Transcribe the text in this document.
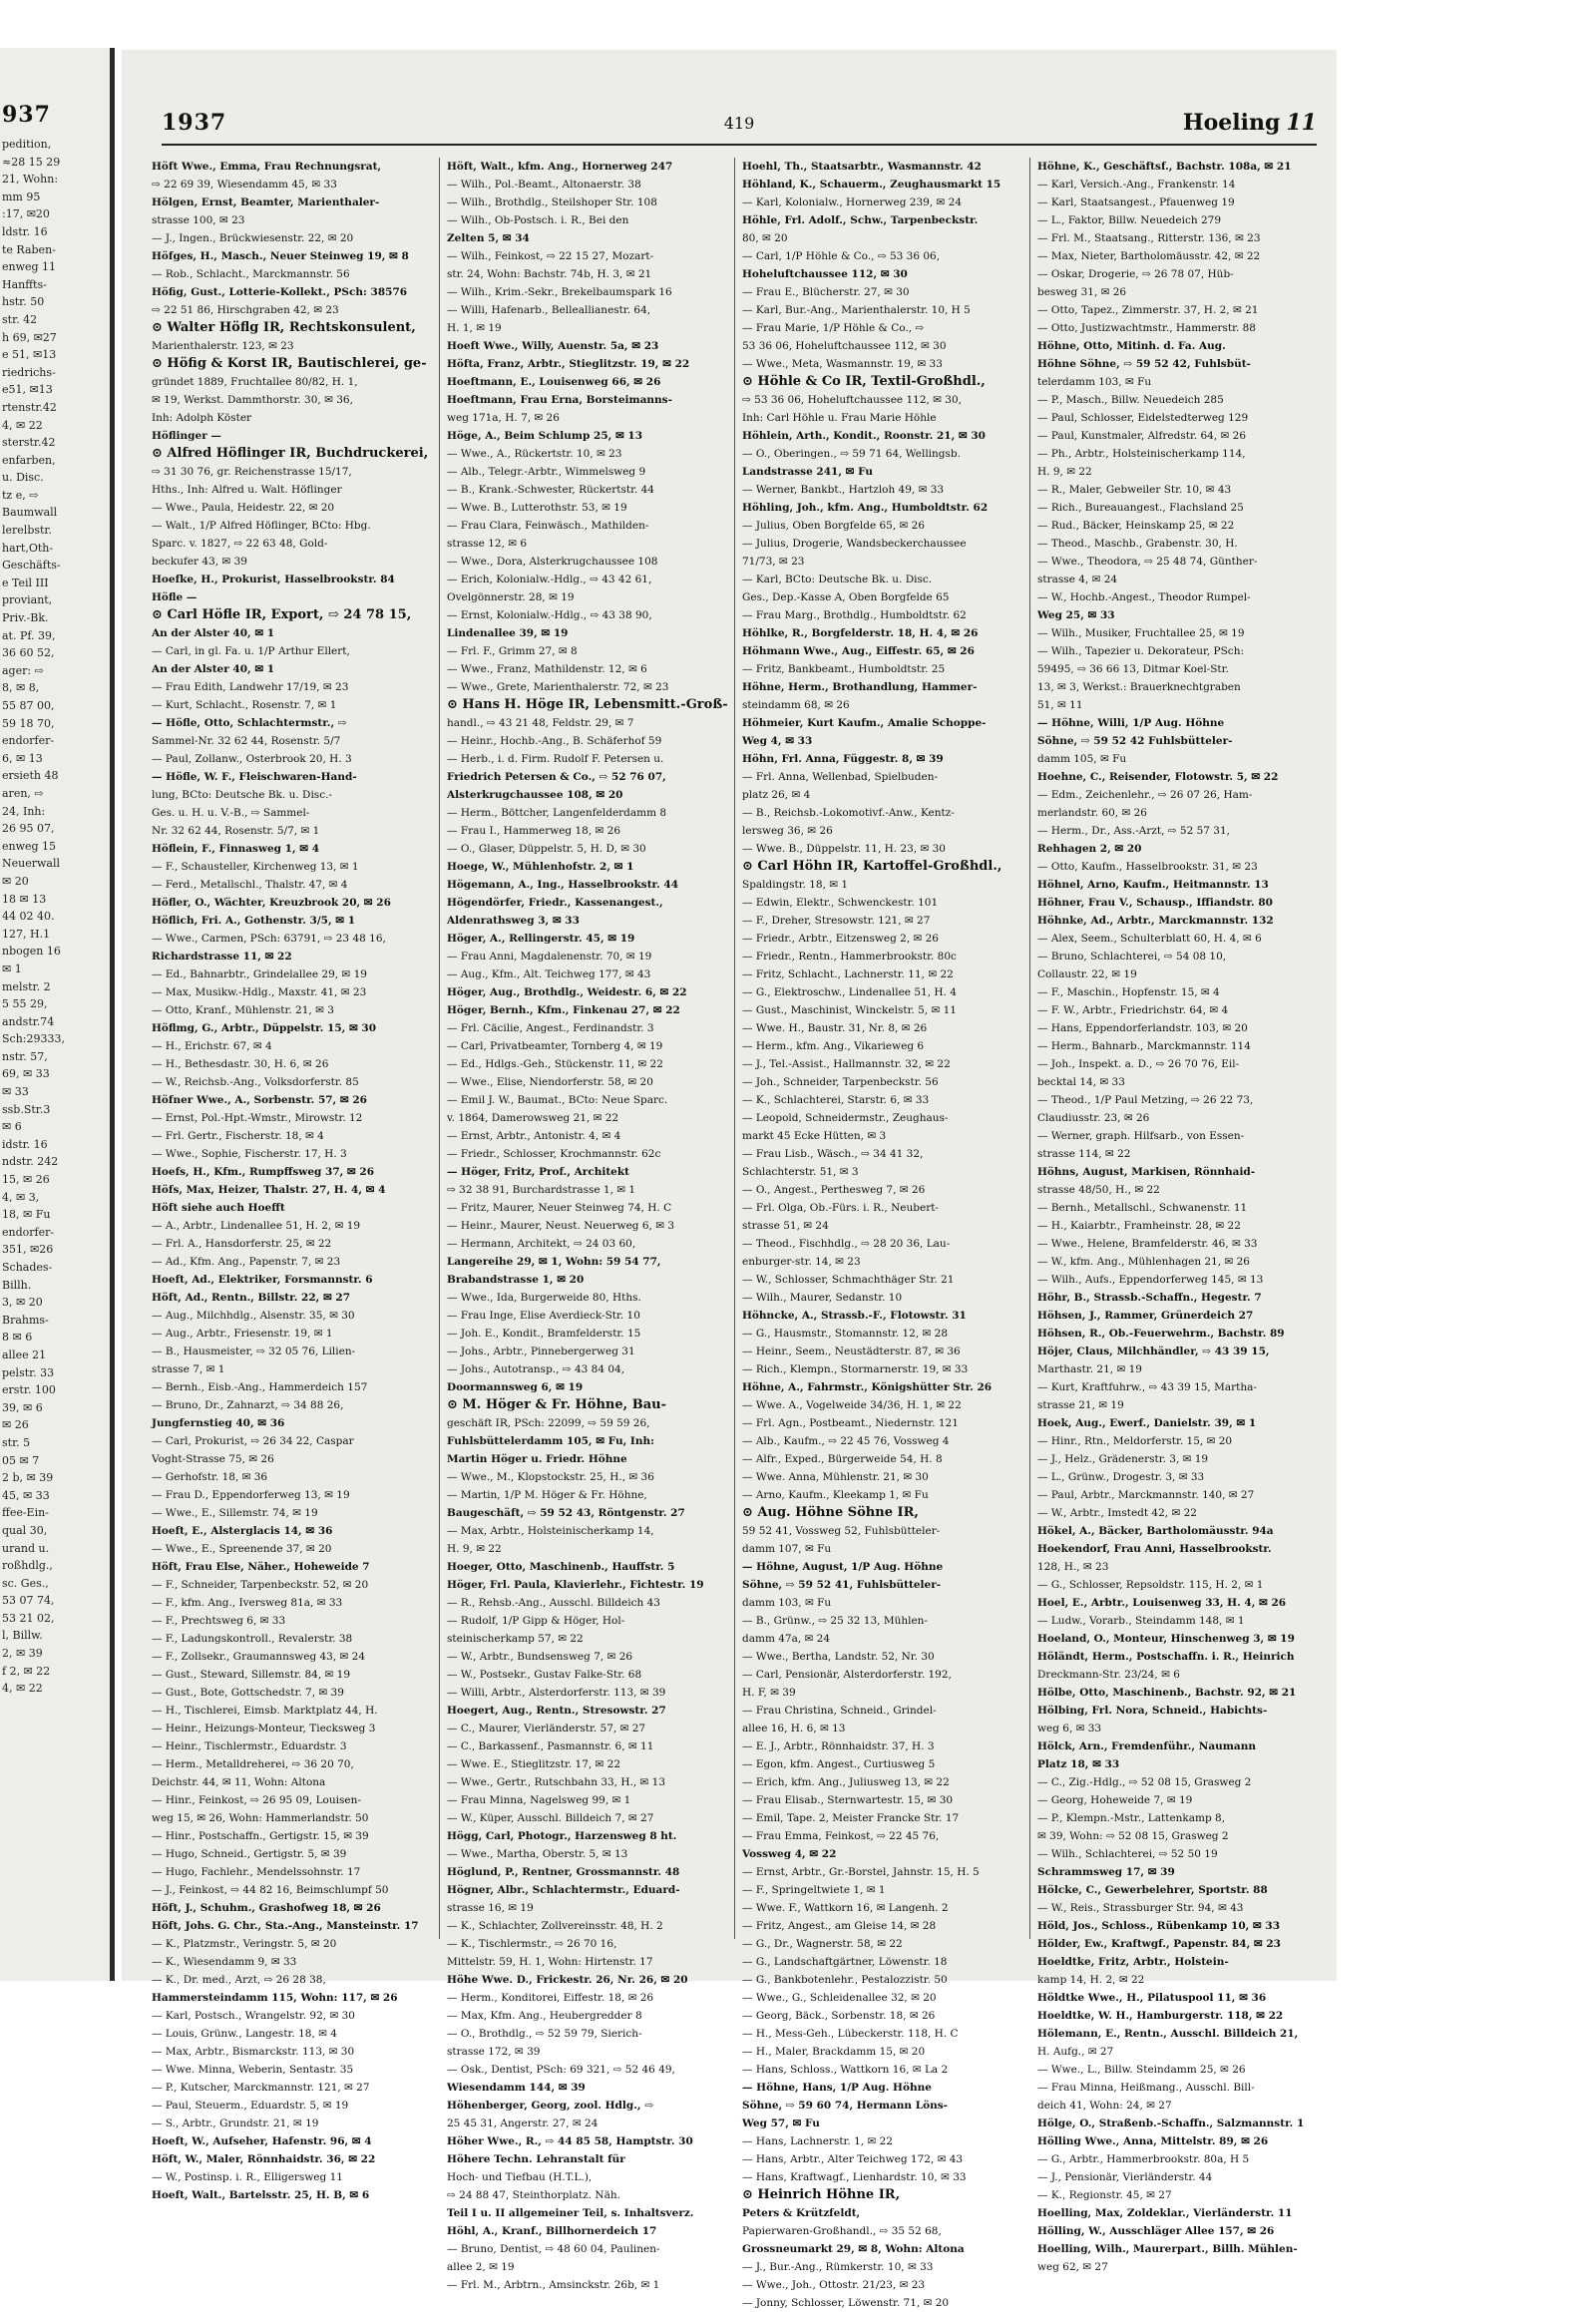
937
pedition,
≈28 15 29
21, Wohn:
mm 95
:17, ✉20
ldstr. 16
te Raben-
enweg 11
Hanffts-
hstr. 50
str. 42
h 69, ✉27
e 51, ✉13
riedrichs-
e51, ✉13
rtenstr.42
4, ✉ 22
sterstr.42
enfarben,
u. Disc.
tz e, ⇨
Baumwall
lerelbstr.
hart,Oth-
Geschäfts-
e Teil III
proviant,
Priv.-Bk.
at. Pf. 39,
36 60 52,
ager: ⇨
8, ✉ 8,
55 87 00,
59 18 70,
endorfer-
6, ✉ 13
ersieth 48
aren, ⇨
24, Inh:
26 95 07,
enweg 15
Neuerwall
✉ 20
18 ✉ 13
44 02 40.
127, H.1
nbogen 16
✉ 1
melstr. 2
5 55 29,
andstr.74
Sch:29333,
nstr. 57,
69, ✉ 33
✉ 33
ssb.Str.3
✉ 6
idstr. 16
ndstr. 242
15, ✉ 26
4, ✉ 3,
18, ✉ Fu
endorfer-
351, ✉26
Schades-
Billh.
3, ✉ 20
Brahms-
8 ✉ 6
allee 21
pelstr. 33
erstr. 100
39, ✉ 6
✉ 26
str. 5
05 ✉ 7
2 b, ✉ 39
45, ✉ 33
ffee-Ein-
qual 30,
urand u.
roßhdlg.,
sc. Ges.,
53 07 74,
53 21 02,
l, Billw.
2, ✉ 39
f 2, ✉ 22
4, ✉ 22
1937	419	Hoeling 11
Höft Wwe., Emma, Frau Rechnungsrat,
⇨ 22 69 39, Wiesendamm 45, ✉ 33
Hölgen, Ernst, Beamter, Marienthaler-
strasse 100, ✉ 23
— J., Ingen., Brückwiesenstr. 22, ✉ 20
Höfges, H., Masch., Neuer Steinweg 19, ✉ 8
— Rob., Schlacht., Marckmannstr. 56
Höfig, Gust., Lotterie-Kollekt., PSch: 38576
⇨ 22 51 86, Hirschgraben 42, ✉ 23
⊙ Walter Höflg IR, Rechtskonsulent,
Marienthalerstr. 123, ✉ 23
⊙ Höfig & Korst IR, Bautischlerei, ge-
gründet 1889, Fruchtallee 80/82, H. 1,
✉ 19, Werkst. Dammthorstr. 30, ✉ 36,
Inh: Adolph Köster
Höflinger —
⊙ Alfred Höflinger IR, Buchdruckerei,
⇨ 31 30 76, gr. Reichenstrasse 15/17,
Hths., Inh: Alfred u. Walt. Höflinger
— Wwe., Paula, Heidestr. 22, ✉ 20
— Walt., 1/P Alfred Höflinger, BCto: Hbg.
Sparc. v. 1827, ⇨ 22 63 48, Gold-
beckufer 43, ✉ 39
Hoefke, H., Prokurist, Hasselbrookstr. 84
Höfle —
⊙ Carl Höfle IR, Export, ⇨ 24 78 15,
An der Alster 40, ✉ 1
— Carl, in gl. Fa. u. 1/P Arthur Ellert,
An der Alster 40, ✉ 1
— Frau Edith, Landwehr 17/19, ✉ 23
— Kurt, Schlacht., Rosenstr. 7, ✉ 1
— Höfle, Otto, Schlachtermstr., ⇨
Sammel-Nr. 32 62 44, Rosenstr. 5/7
— Paul, Zollanw., Osterbrook 20, H. 3
— Höfle, W. F., Fleischwaren-Hand-
lung, BCto: Deutsche Bk. u. Disc.-
Ges. u. H. u. V.-B., ⇨ Sammel-
Nr. 32 62 44, Rosenstr. 5/7, ✉ 1
Höflein, F., Finnasweg 1, ✉ 4
— F., Schausteller, Kirchenweg 13, ✉ 1
— Ferd., Metallschl., Thalstr. 47, ✉ 4
Höfler, O., Wächter, Kreuzbrook 20, ✉ 26
Höflich, Fri. A., Gothenstr. 3/5, ✉ 1
— Wwe., Carmen, PSch: 63791, ⇨ 23 48 16,
Richardstrasse 11, ✉ 22
— Ed., Bahnarbtr., Grindelallee 29, ✉ 19
— Max, Musikw.-Hdlg., Maxstr. 41, ✉ 23
— Otto, Kranf., Mühlenstr. 21, ✉ 3
Höflmg, G., Arbtr., Düppelstr. 15, ✉ 30
— H., Erichstr. 67, ✉ 4
— H., Bethesdastr. 30, H. 6, ✉ 26
— W., Reichsb.-Ang., Volksdorferstr. 85
Höfner Wwe., A., Sorbenstr. 57, ✉ 26
— Ernst, Pol.-Hpt.-Wmstr., Mirowstr. 12
— Frl. Gertr., Fischerstr. 18, ✉ 4
— Wwe., Sophie, Fischerstr. 17, H. 3
Hoefs, H., Kfm., Rumpffsweg 37, ✉ 26
Höfs, Max, Heizer, Thalstr. 27, H. 4, ✉ 4
Höft siehe auch Hoefft
— A., Arbtr., Lindenallee 51, H. 2, ✉ 19
— Frl. A., Hansdorferstr. 25, ✉ 22
— Ad., Kfm. Ang., Papenstr. 7, ✉ 23
Hoeft, Ad., Elektriker, Forsmannstr. 6
Höft, Ad., Rentn., Billstr. 22, ✉ 27
— Aug., Milchhdlg., Alsenstr. 35, ✉ 30
— Aug., Arbtr., Friesenstr. 19, ✉ 1
— B., Hausmeister, ⇨ 32 05 76, Lilien-
strasse 7, ✉ 1
— Bernh., Eisb.-Ang., Hammerdeich 157
— Bruno, Dr., Zahnarzt, ⇨ 34 88 26,
Jungfernstieg 40, ✉ 36
— Carl, Prokurist, ⇨ 26 34 22, Caspar
Voght-Strasse 75, ✉ 26
— Gerhofstr. 18, ✉ 36
— Frau D., Eppendorferweg 13, ✉ 19
— Wwe., E., Sillemstr. 74, ✉ 19
Hoeft, E., Alsterglacis 14, ✉ 36
— Wwe., E., Spreenende 37, ✉ 20
Höft, Frau Else, Näher., Hoheweide 7
— F., Schneider, Tarpenbeckstr. 52, ✉ 20
— F., kfm. Ang., Iversweg 81a, ✉ 33
— F., Prechtsweg 6, ✉ 33
— F., Ladungskontroll., Revalerstr. 38
— F., Zollsekr., Graumannsweg 43, ✉ 24
— Gust., Steward, Sillemstr. 84, ✉ 19
— Gust., Bote, Gottschedstr. 7, ✉ 39
— H., Tischlerei, Eimsb. Marktplatz 44, H.
— Heinr., Heizungs-Monteur, Tiecksweg 3
— Heinr., Tischlermstr., Eduardstr. 3
— Herm., Metalldreherei, ⇨ 36 20 70,
Deichstr. 44, ✉ 11, Wohn: Altona
— Hinr., Feinkost, ⇨ 26 95 09, Louisen-
weg 15, ✉ 26, Wohn: Hammerlandstr. 50
— Hinr., Postschaffn., Gertigstr. 15, ✉ 39
— Hugo, Schneid., Gertigstr. 5, ✉ 39
— Hugo, Fachlehr., Mendelssohnstr. 17
— J., Feinkost, ⇨ 44 82 16, Beimschlumpf 50
Höft, J., Schuhm., Grashofweg 18, ✉ 26
Höft, Johs. G. Chr., Sta.-Ang., Mansteinstr. 17
— K., Platzmstr., Veringstr. 5, ✉ 20
— K., Wiesendamm 9, ✉ 33
— K., Dr. med., Arzt, ⇨ 26 28 38,
Hammersteindamm 115, Wohn: 117, ✉ 26
— Karl, Postsch., Wrangelstr. 92, ✉ 30
— Louis, Grünw., Langestr. 18, ✉ 4
— Max, Arbtr., Bismarckstr. 113, ✉ 30
— Wwe. Minna, Weberin, Sentastr. 35
— P., Kutscher, Marckmannstr. 121, ✉ 27
— Paul, Steuerm., Eduardstr. 5, ✉ 19
— S., Arbtr., Grundstr. 21, ✉ 19
Hoeft, W., Aufseher, Hafenstr. 96, ✉ 4
Höft, W., Maler, Rönnhaidstr. 36, ✉ 22
— W., Postinsp. i. R., Elligersweg 11
Hoeft, Walt., Bartelsstr. 25, H. B, ✉ 6
Höft, Walt., kfm. Ang., Hornerweg 247
— Wilh., Pol.-Beamt., Altonaerstr. 38
— Wilh., Brothdlg., Steilshoper Str. 108
— Wilh., Ob-Postsch. i. R., Bei den
Zelten 5, ✉ 34
— Wilh., Feinkost, ⇨ 22 15 27, Mozart-
str. 24, Wohn: Bachstr. 74b, H. 3, ✉ 21
— Wilh., Krim.-Sekr., Brekelbaumspark 16
— Willi, Hafenarb., Belleallianestr. 64,
H. 1, ✉ 19
Hoeft Wwe., Willy, Auenstr. 5a, ✉ 23
Höfta, Franz, Arbtr., Stieglitzstr. 19, ✉ 22
Hoeftmann, E., Louisenweg 66, ✉ 26
Hoeftmann, Frau Erna, Borsteimanns-
weg 171a, H. 7, ✉ 26
Höge, A., Beim Schlump 25, ✉ 13
— Wwe., A., Rückertstr. 10, ✉ 23
— Alb., Telegr.-Arbtr., Wimmelsweg 9
— B., Krank.-Schwester, Rückertstr. 44
— Wwe. B., Lutterothstr. 53, ✉ 19
— Frau Clara, Feinwäsch., Mathilden-
strasse 12, ✉ 6
— Wwe., Dora, Alsterkrugchaussee 108
— Erich, Kolonialw.-Hdlg., ⇨ 43 42 61,
Ovelgönnerstr. 28, ✉ 19
— Ernst, Kolonialw.-Hdlg., ⇨ 43 38 90,
Lindenallee 39, ✉ 19
— Frl. F., Grimm 27, ✉ 8
— Wwe., Franz, Mathildenstr. 12, ✉ 6
— Wwe., Grete, Marienthalerstr. 72, ✉ 23
⊙ Hans H. Höge IR, Lebensmitt.-Groß-
handl., ⇨ 43 21 48, Feldstr. 29, ✉ 7
— Heinr., Hochb.-Ang., B. Schäferhof 59
— Herb., i. d. Firm. Rudolf F. Petersen u.
Friedrich Petersen & Co., ⇨ 52 76 07,
Alsterkrugchaussee 108, ✉ 20
— Herm., Böttcher, Langenfelderdamm 8
— Frau I., Hammerweg 18, ✉ 26
— O., Glaser, Düppelstr. 5, H. D, ✉ 30
Hoege, W., Mühlenhofstr. 2, ✉ 1
Högemann, A., Ing., Hasselbrookstr. 44
Högendörfer, Friedr., Kassenangest.,
Aldenrathsweg 3, ✉ 33
Höger, A., Rellingerstr. 45, ✉ 19
— Frau Anni, Magdalenenstr. 70, ✉ 19
— Aug., Kfm., Alt. Teichweg 177, ✉ 43
Höger, Aug., Brothdlg., Weidestr. 6, ✉ 22
Höger, Bernh., Kfm., Finkenau 27, ✉ 22
— Frl. Cäcilie, Angest., Ferdinandstr. 3
— Carl, Privatbeamter, Tornberg 4, ✉ 19
— Ed., Hdlgs.-Geh., Stückenstr. 11, ✉ 22
— Wwe., Elise, Niendorferstr. 58, ✉ 20
— Emil J. W., Baumat., BCto: Neue Sparc.
v. 1864, Damerowsweg 21, ✉ 22
— Ernst, Arbtr., Antonistr. 4, ✉ 4
— Friedr., Schlosser, Krochmannstr. 62c
— Höger, Fritz, Prof., Architekt
⇨ 32 38 91, Burchardstrasse 1, ✉ 1
— Fritz, Maurer, Neuer Steinweg 74, H. C
— Heinr., Maurer, Neust. Neuerweg 6, ✉ 3
— Hermann, Architekt, ⇨ 24 03 60,
Langereihe 29, ✉ 1, Wohn: 59 54 77,
Brabandstrasse 1, ✉ 20
— Wwe., Ida, Burgerweide 80, Hths.
— Frau Inge, Elise Averdieck-Str. 10
— Joh. E., Kondit., Bramfelderstr. 15
— Johs., Arbtr., Pinnebergerweg 31
— Johs., Autotransp., ⇨ 43 84 04,
Doormannsweg 6, ✉ 19
⊙ M. Höger & Fr. Höhne, Bau-
geschäft IR, PSch: 22099, ⇨ 59 59 26,
Fuhlsbüttelerdamm 105, ✉ Fu, Inh:
Martin Höger u. Friedr. Höhne
— Wwe., M., Klopstockstr. 25, H., ✉ 36
— Martin, 1/P M. Höger & Fr. Höhne,
Baugeschäft, ⇨ 59 52 43, Röntgenstr. 27
— Max, Arbtr., Holsteinischerkamp 14,
H. 9, ✉ 22
Hoeger, Otto, Maschinenb., Hauffstr. 5
Höger, Frl. Paula, Klavierlehr., Fichtestr. 19
— R., Rehsb.-Ang., Ausschl. Billdeich 43
— Rudolf, 1/P Gipp & Höger, Hol-
steinischerkamp 57, ✉ 22
— W., Arbtr., Bundsensweg 7, ✉ 26
— W., Postsekr., Gustav Falke-Str. 68
— Willi, Arbtr., Alsterdorferstr. 113, ✉ 39
Hoegert, Aug., Rentn., Stresowstr. 27
— C., Maurer, Vierländerstr. 57, ✉ 27
— C., Barkassenf., Pasmannstr. 6, ✉ 11
— Wwe. E., Stieglitzstr. 17, ✉ 22
— Wwe., Gertr., Rutschbahn 33, H., ✉ 13
— Frau Minna, Nagelsweg 99, ✉ 1
— W., Küper, Ausschl. Billdeich 7, ✉ 27
Högg, Carl, Photogr., Harzensweg 8 ht.
— Wwe., Martha, Oberstr. 5, ✉ 13
Höglund, P., Rentner, Grossmannstr. 48
Högner, Albr., Schlachtermstr., Eduard-
strasse 16, ✉ 19
— K., Schlachter, Zollvereinsstr. 48, H. 2
— K., Tischlermstr., ⇨ 26 70 16,
Mittelstr. 59, H. 1, Wohn: Hirtenstr. 17
Höhe Wwe. D., Frickestr. 26, Nr. 26, ✉ 20
— Herm., Konditorei, Eiffestr. 18, ✉ 26
— Max, Kfm. Ang., Heubergredder 8
— O., Brothdlg., ⇨ 52 59 79, Sierich-
strasse 172, ✉ 39
— Osk., Dentist, PSch: 69 321, ⇨ 52 46 49,
Wiesendamm 144, ✉ 39
Höhenberger, Georg, zool. Hdlg., ⇨
25 45 31, Angerstr. 27, ✉ 24
Höher Wwe., R., ⇨ 44 85 58, Hamptstr. 30
Höhere Techn. Lehranstalt für
Hoch- und Tiefbau (H.T.L.),
⇨ 24 88 47, Steinthorplatz. Näh.
Teil I u. II allgemeiner Teil, s. Inhaltsverz.
Höhl, A., Kranf., Billhornerdeich 17
— Bruno, Dentist, ⇨ 48 60 04, Paulinen-
allee 2, ✉ 19
— Frl. M., Arbtrn., Amsinckstr. 26b, ✉ 1
Hoehl, Th., Staatsarbtr., Wasmannstr. 42
Höhland, K., Schauerm., Zeughausmarkt 15
— Karl, Kolonialw., Hornerweg 239, ✉ 24
Höhle, Frl. Adolf., Schw., Tarpenbeckstr.
80, ✉ 20
— Carl, 1/P Höhle & Co., ⇨ 53 36 06,
Hoheluftchaussee 112, ✉ 30
— Frau E., Blücherstr. 27, ✉ 30
— Karl, Bur.-Ang., Marienthalerstr. 10, H 5
— Frau Marie, 1/P Höhle & Co., ⇨
53 36 06, Hoheluftchaussee 112, ✉ 30
— Wwe., Meta, Wasmannstr. 19, ✉ 33
⊙ Höhle & Co IR, Textil-Großhdl.,
⇨ 53 36 06, Hoheluftchaussee 112, ✉ 30,
Inh: Carl Höhle u. Frau Marie Höhle
Höhlein, Arth., Kondit., Roonstr. 21, ✉ 30
— O., Oberingen., ⇨ 59 71 64, Wellingsb.
Landstrasse 241, ✉ Fu
— Werner, Bankbt., Hartzloh 49, ✉ 33
Höhling, Joh., kfm. Ang., Humboldtstr. 62
— Julius, Oben Borgfelde 65, ✉ 26
— Julius, Drogerie, Wandsbeckerchaussee
71/73, ✉ 23
— Karl, BCto: Deutsche Bk. u. Disc.
Ges., Dep.-Kasse A, Oben Borgfelde 65
— Frau Marg., Brothdlg., Humboldtstr. 62
Höhlke, R., Borgfelderstr. 18, H. 4, ✉ 26
Höhmann Wwe., Aug., Eiffestr. 65, ✉ 26
— Fritz, Bankbeamt., Humboldtstr. 25
Höhne, Herm., Brothandlung, Hammer-
steindamm 68, ✉ 26
Höhmeier, Kurt Kaufm., Amalie Schoppe-
Weg 4, ✉ 33
Höhn, Frl. Anna, Függestr. 8, ✉ 39
— Frl. Anna, Wellenbad, Spielbuden-
platz 26, ✉ 4
— B., Reichsb.-Lokomotivf.-Anw., Kentz-
lersweg 36, ✉ 26
— Wwe. B., Düppelstr. 11, H. 23, ✉ 30
⊙ Carl Höhn IR, Kartoffel-Großhdl.,
Spaldingstr. 18, ✉ 1
— Edwin, Elektr., Schwenckestr. 101
— F., Dreher, Stresowstr. 121, ✉ 27
— Friedr., Arbtr., Eitzensweg 2, ✉ 26
— Friedr., Rentn., Hammerbrookstr. 80c
— Fritz, Schlacht., Lachnerstr. 11, ✉ 22
— G., Elektroschw., Lindenallee 51, H. 4
— Gust., Maschinist, Winckelstr. 5, ✉ 11
— Wwe. H., Baustr. 31, Nr. 8, ✉ 26
— Herm., kfm. Ang., Vikarieweg 6
— J., Tel.-Assist., Hallmannstr. 32, ✉ 22
— Joh., Schneider, Tarpenbeckstr. 56
— K., Schlachterei, Starstr. 6, ✉ 33
— Leopold, Schneidermstr., Zeughaus-
markt 45 Ecke Hütten, ✉ 3
— Frau Lisb., Wäsch., ⇨ 34 41 32,
Schlachterstr. 51, ✉ 3
— O., Angest., Perthesweg 7, ✉ 26
— Frl. Olga, Ob.-Fürs. i. R., Neubert-
strasse 51, ✉ 24
— Theod., Fischhdlg., ⇨ 28 20 36, Lau-
enburger-str. 14, ✉ 23
— W., Schlosser, Schmachthäger Str. 21
— Wilh., Maurer, Sedanstr. 10
Höhncke, A., Strassb.-F., Flotowstr. 31
— G., Hausmstr., Stomannstr. 12, ✉ 28
— Heinr., Seem., Neustädterstr. 87, ✉ 36
— Rich., Klempn., Stormarnerstr. 19, ✉ 33
Höhne, A., Fahrmstr., Königshütter Str. 26
— Wwe. A., Vogelweide 34/36, H. 1, ✉ 22
— Frl. Agn., Postbeamt., Niedernstr. 121
— Alb., Kaufm., ⇨ 22 45 76, Vossweg 4
— Alfr., Exped., Bürgerweide 54, H. 8
— Wwe. Anna, Mühlenstr. 21, ✉ 30
— Arno, Kaufm., Kleekamp 1, ✉ Fu
⊙ Aug. Höhne Söhne IR,
59 52 41, Vossweg 52, Fuhlsbütteler-
damm 107, ✉ Fu
— Höhne, August, 1/P Aug. Höhne
Söhne, ⇨ 59 52 41, Fuhlsbütteler-
damm 103, ✉ Fu
— B., Grünw., ⇨ 25 32 13, Mühlen-
damm 47a, ✉ 24
— Wwe., Bertha, Landstr. 52, Nr. 30
— Carl, Pensionär, Alsterdorferstr. 192,
H. F, ✉ 39
— Frau Christina, Schneid., Grindel-
allee 16, H. 6, ✉ 13
— E. J., Arbtr., Rönnhaidstr. 37, H. 3
— Egon, kfm. Angest., Curtiusweg 5
— Erich, kfm. Ang., Juliusweg 13, ✉ 22
— Frau Elisab., Sternwartestr. 15, ✉ 30
— Emil, Tape. 2, Meister Francke Str. 17
— Frau Emma, Feinkost, ⇨ 22 45 76,
Vossweg 4, ✉ 22
— Ernst, Arbtr., Gr.-Borstel, Jahnstr. 15, H. 5
— F., Springeltwiete 1, ✉ 1
— Wwe. F., Wattkorn 16, ✉ Langenh. 2
— Fritz, Angest., am Gleise 14, ✉ 28
— G., Dr., Wagnerstr. 58, ✉ 22
— G., Landschaftgärtner, Löwenstr. 18
— G., Bankbotenlehr., Pestalozzistr. 50
— Wwe., G., Schleidenallee 32, ✉ 20
— Georg, Bäck., Sorbenstr. 18, ✉ 26
— H., Mess-Geh., Lübeckerstr. 118, H. C
— H., Maler, Brackdamm 15, ✉ 20
— Hans, Schloss., Wattkorn 16, ✉ La 2
— Höhne, Hans, 1/P Aug. Höhne
Söhne, ⇨ 59 60 74, Hermann Löns-
Weg 57, ✉ Fu
— Hans, Lachnerstr. 1, ✉ 22
— Hans, Arbtr., Alter Teichweg 172, ✉ 43
— Hans, Kraftwagf., Lienhardstr. 10, ✉ 33
⊙ Heinrich Höhne IR,
Peters & Krützfeldt,
Papierwaren-Großhandl., ⇨ 35 52 68,
Grossneumarkt 29, ✉ 8, Wohn: Altona
— J., Bur.-Ang., Rümkerstr. 10, ✉ 33
— Wwe., Joh., Ottostr. 21/23, ✉ 23
— Jonny, Schlosser, Löwenstr. 71, ✉ 20
Höhne, K., Geschäftsf., Bachstr. 108a, ✉ 21
— Karl, Versich.-Ang., Frankenstr. 14
— Karl, Staatsangest., Pfauenweg 19
— L., Faktor, Billw. Neuedeich 279
— Frl. M., Staatsang., Ritterstr. 136, ✉ 23
— Max, Nieter, Bartholomäusstr. 42, ✉ 22
— Oskar, Drogerie, ⇨ 26 78 07, Hüb-
besweg 31, ✉ 26
— Otto, Tapez., Zimmerstr. 37, H. 2, ✉ 21
— Otto, Justizwachtmstr., Hammerstr. 88
Höhne, Otto, Mitinh. d. Fa. Aug.
Höhne Söhne, ⇨ 59 52 42, Fuhlsbüt-
telerdamm 103, ✉ Fu
— P., Masch., Billw. Neuedeich 285
— Paul, Schlosser, Eidelstedterweg 129
— Paul, Kunstmaler, Alfredstr. 64, ✉ 26
— Ph., Arbtr., Holsteinischerkamp 114,
H. 9, ✉ 22
— R., Maler, Gebweiler Str. 10, ✉ 43
— Rich., Bureauangest., Flachsland 25
— Rud., Bäcker, Heinskamp 25, ✉ 22
— Theod., Maschb., Grabenstr. 30, H.
— Wwe., Theodora, ⇨ 25 48 74, Günther-
strasse 4, ✉ 24
— W., Hochb.-Angest., Theodor Rumpel-
Weg 25, ✉ 33
— Wilh., Musiker, Fruchtallee 25, ✉ 19
— Wilh., Tapezier u. Dekorateur, PSch:
59495, ⇨ 36 66 13, Ditmar Koel-Str.
13, ✉ 3, Werkst.: Brauerknechtgraben
51, ✉ 11
— Höhne, Willi, 1/P Aug. Höhne
Söhne, ⇨ 59 52 42 Fuhlsbütteler-
damm 105, ✉ Fu
Hoehne, C., Reisender, Flotowstr. 5, ✉ 22
— Edm., Zeichenlehr., ⇨ 26 07 26, Ham-
merlandstr. 60, ✉ 26
— Herm., Dr., Ass.-Arzt, ⇨ 52 57 31,
Rehhagen 2, ✉ 20
— Otto, Kaufm., Hasselbrookstr. 31, ✉ 23
Höhnel, Arno, Kaufm., Heitmannstr. 13
Höhner, Frau V., Schausp., Iffiandstr. 80
Höhnke, Ad., Arbtr., Marckmannstr. 132
— Alex, Seem., Schulterblatt 60, H. 4, ✉ 6
— Bruno, Schlachterei, ⇨ 54 08 10,
Collaustr. 22, ✉ 19
— F., Maschin., Hopfenstr. 15, ✉ 4
— F. W., Arbtr., Friedrichstr. 64, ✉ 4
— Hans, Eppendorferlandstr. 103, ✉ 20
— Herm., Bahnarb., Marckmannstr. 114
— Joh., Inspekt. a. D., ⇨ 26 70 76, Eil-
becktal 14, ✉ 33
— Theod., 1/P Paul Metzing, ⇨ 26 22 73,
Claudiusstr. 23, ✉ 26
— Werner, graph. Hilfsarb., von Essen-
strasse 114, ✉ 22
Höhns, August, Markisen, Rönnhaid-
strasse 48/50, H., ✉ 22
— Bernh., Metallschl., Schwanenstr. 11
— H., Kaiarbtr., Framheinstr. 28, ✉ 22
— Wwe., Helene, Bramfelderstr. 46, ✉ 33
— W., kfm. Ang., Mühlenhagen 21, ✉ 26
— Wilh., Aufs., Eppendorferweg 145, ✉ 13
Höhr, B., Strassb.-Schaffn., Hegestr. 7
Höhsen, J., Rammer, Grünerdeich 27
Höhsen, R., Ob.-Feuerwehrm., Bachstr. 89
Höjer, Claus, Milchhändler, ⇨ 43 39 15,
Marthastr. 21, ✉ 19
— Kurt, Kraftfuhrw., ⇨ 43 39 15, Martha-
strasse 21, ✉ 19
Hoek, Aug., Ewerf., Danielstr. 39, ✉ 1
— Hinr., Rtn., Meldorferstr. 15, ✉ 20
— J., Helz., Grädenerstr. 3, ✉ 19
— L., Grünw., Drogestr. 3, ✉ 33
— Paul, Arbtr., Marckmannstr. 140, ✉ 27
— W., Arbtr., Imstedt 42, ✉ 22
Hökel, A., Bäcker, Bartholomäusstr. 94a
Hoekendorf, Frau Anni, Hasselbrookstr.
128, H., ✉ 23
— G., Schlosser, Repsoldstr. 115, H. 2, ✉ 1
Hoel, E., Arbtr., Louisenweg 33, H. 4, ✉ 26
— Ludw., Vorarb., Steindamm 148, ✉ 1
Hoeland, O., Monteur, Hinschenweg 3, ✉ 19
Höländt, Herm., Postschaffn. i. R., Heinrich
Dreckmann-Str. 23/24, ✉ 6
Hölbe, Otto, Maschinenb., Bachstr. 92, ✉ 21
Hölbing, Frl. Nora, Schneid., Habichts-
weg 6, ✉ 33
Hölck, Arn., Fremdenführ., Naumann
Platz 18, ✉ 33
— C., Zig.-Hdlg., ⇨ 52 08 15, Grasweg 2
— Georg, Hoheweide 7, ✉ 19
— P., Klempn.-Mstr., Lattenkamp 8,
✉ 39, Wohn: ⇨ 52 08 15, Grasweg 2
— Wilh., Schlachterei, ⇨ 52 50 19
Schrammsweg 17, ✉ 39
Hölcke, C., Gewerbelehrer, Sportstr. 88
— W., Reis., Strassburger Str. 94, ✉ 43
Höld, Jos., Schloss., Rübenkamp 10, ✉ 33
Hölder, Ew., Kraftwgf., Papenstr. 84, ✉ 23
Hoeldtke, Fritz, Arbtr., Holstein-
kamp 14, H. 2, ✉ 22
Höldtke Wwe., H., Pilatuspool 11, ✉ 36
Hoeldtke, W. H., Hamburgerstr. 118, ✉ 22
Hölemann, E., Rentn., Ausschl. Billdeich 21,
H. Aufg., ✉ 27
— Wwe., L., Billw. Steindamm 25, ✉ 26
— Frau Minna, Heißmang., Ausschl. Bill-
deich 41, Wohn: 24, ✉ 27
Hölge, O., Straßenb.-Schaffn., Salzmannstr. 1
Hölling Wwe., Anna, Mittelstr. 89, ✉ 26
— G., Arbtr., Hammerbrookstr. 80a, H 5
— J., Pensionär, Vierländerstr. 44
— K., Regionstr. 45, ✉ 27
Hoelling, Max, Zoldeklar., Vierländerstr. 11
Hölling, W., Ausschläger Allee 157, ✉ 26
Hoelling, Wilh., Maurerpart., Billh. Mühlen-
weg 62, ✉ 27
